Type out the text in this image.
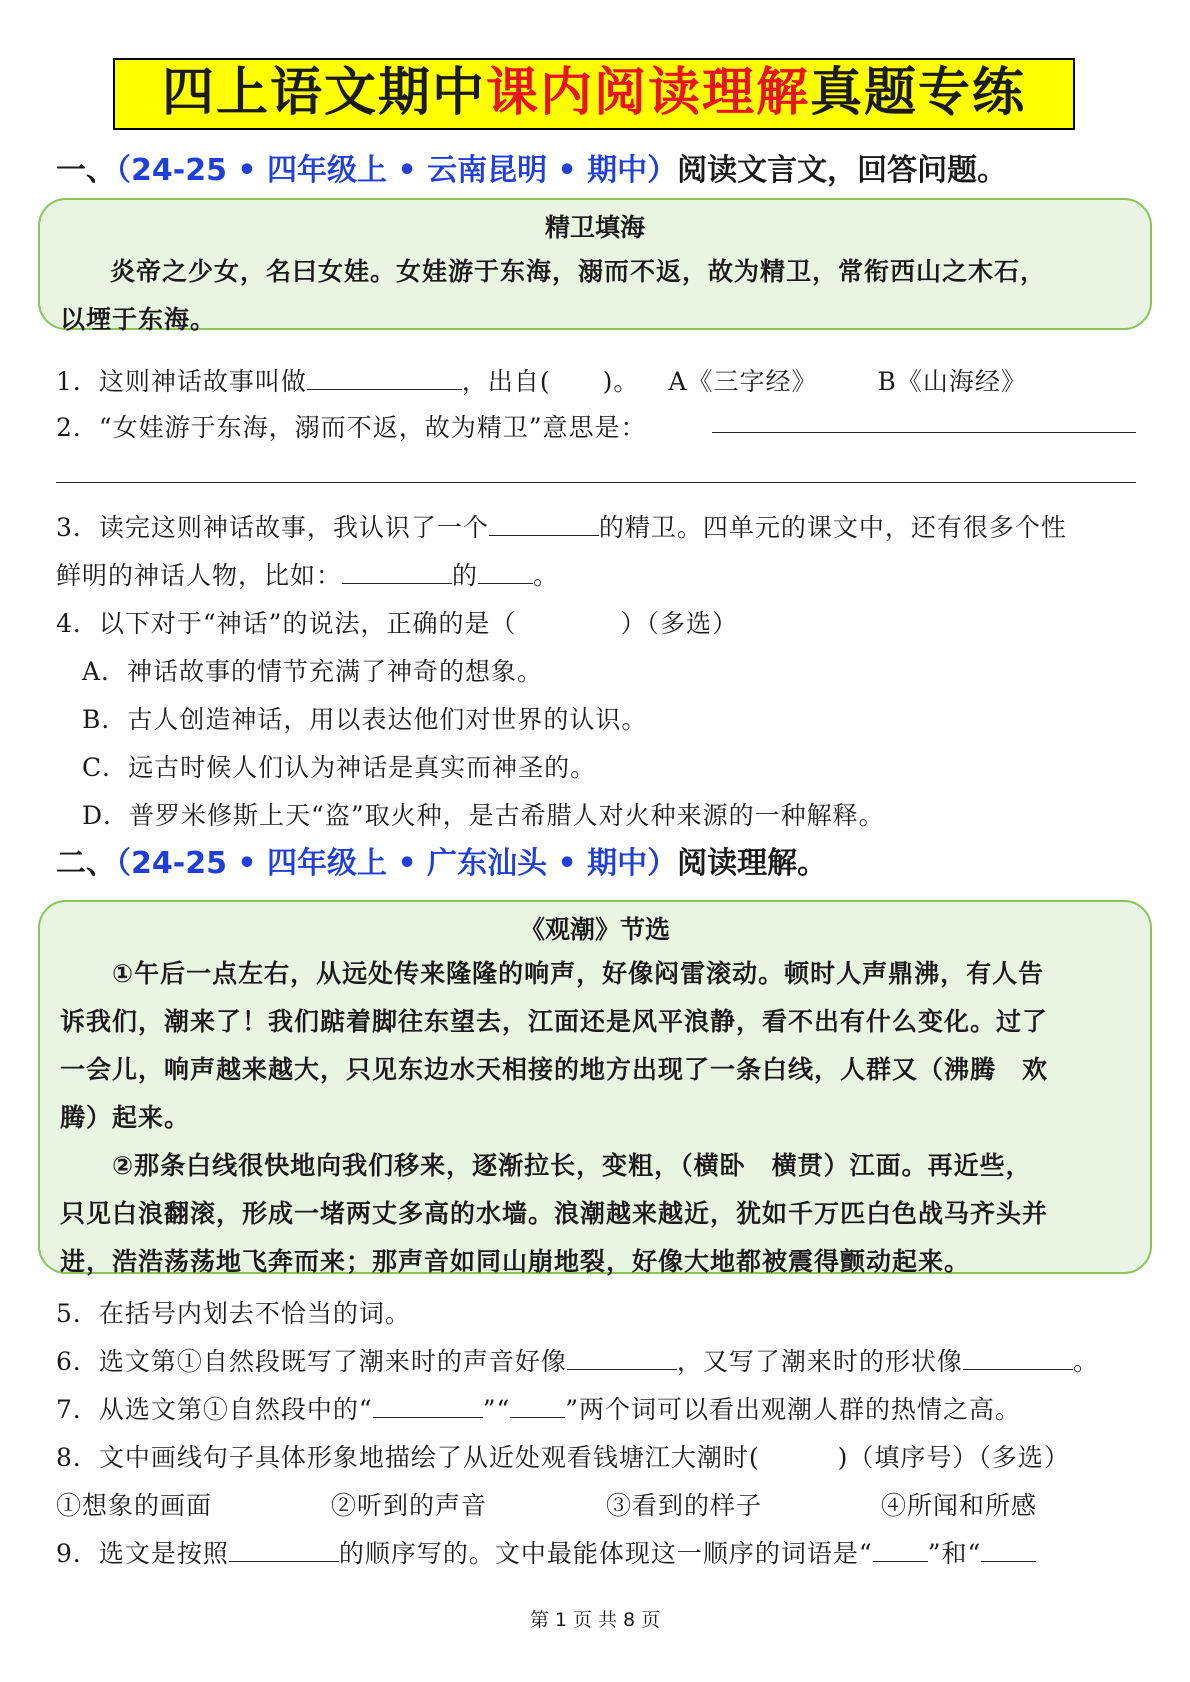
四上语文期中课内阅读理解真题专练
一、（24-25 • 四年级上 • 云南昆明 • 期中）阅读文言文，回答问题。
精卫填海
炎帝之少女，名曰女娃。女娃游于东海，溺而不返，故为精卫，常衔西山之木石，
以堙于东海。
1．这则神话故事叫做	，出自(　　)。 A《三字经》 B《山海经》
2．“女娃游于东海，溺而不返，故为精卫”意思是：
3．读完这则神话故事，我认识了一个	的精卫。四单元的课文中，还有很多个性
鲜明的神话人物，比如：	的 。
4．以下对于“神话”的说法，正确的是（　　　　）（多选）
A．神话故事的情节充满了神奇的想象。
B．古人创造神话，用以表达他们对世界的认识。
C．远古时候人们认为神话是真实而神圣的。
D．普罗米修斯上天“盗”取火种，是古希腊人对火种来源的一种解释。
二、（24-25 • 四年级上 • 广东汕头 • 期中）阅读理解。
《观潮》节选
　　①午后一点左右，从远处传来隆隆的响声，好像闷雷滚动。顿时人声鼎沸，有人告
诉我们，潮来了！我们踮着脚往东望去，江面还是风平浪静，看不出有什么变化。过了
一会儿，响声越来越大，只见东边水天相接的地方出现了一条白线，人群又（沸腾　欢
腾）起来。
　　②那条白线很快地向我们移来，逐渐拉长，变粗，（横卧　横贯）江面。再近些，
只见白浪翻滚，形成一堵两丈多高的水墙。浪潮越来越近，犹如千万匹白色战马齐头并
进，浩浩荡荡地飞奔而来；那声音如同山崩地裂，好像大地都被震得颤动起来。
5．在括号内划去不恰当的词。
6．选文第①自然段既写了潮来时的声音好像	，又写了潮来时的形状像	。
7．从选文第①自然段中的“	”“ ”两个词可以看出观潮人群的热情之高。
8．文中画线句子具体形象地描绘了从近处观看钱塘江大潮时(　　　)（填序号）（多选）
①想象的画面	②听到的声音	③看到的样子	④所闻和所感
9．选文是按照	的顺序写的。文中最能体现这一顺序的词语是“ ”和“
第 1 页 共 8 页
